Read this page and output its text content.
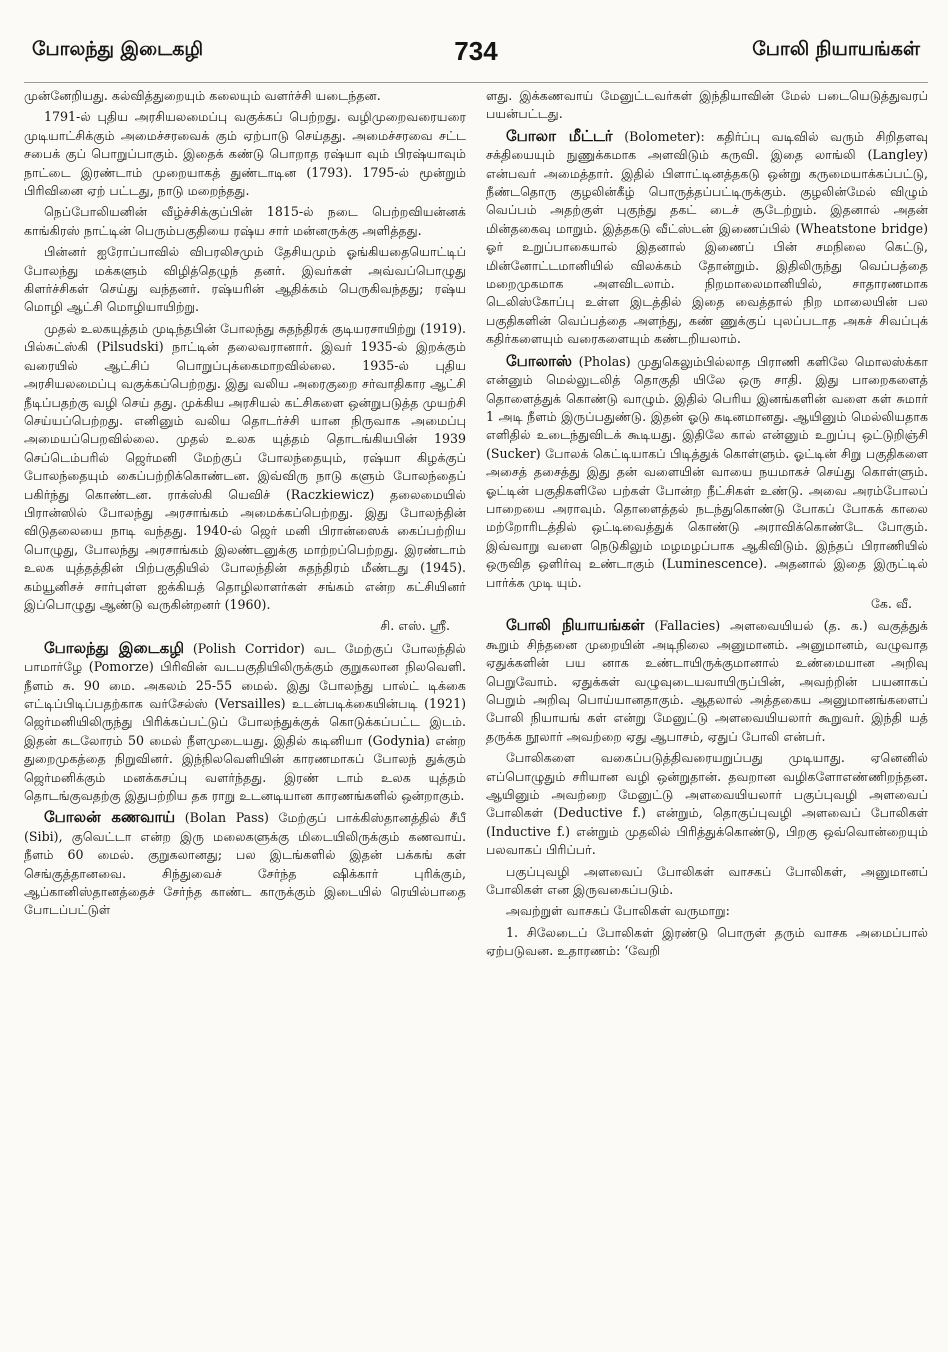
போலந்து இடைகழி	734	போலி நியாயங்கள்

முன்னேறியது. கல்வித்துறையும் கலையும் வளர்ச்சி யடைந்தன.

1791-ல் புதிய அரசியலமைப்பு வகுக்கப் பெற்றது. வழிமுறைவரையரை முடியாட்சிக்கும் அமைச்சரவைக் கும் ஏற்பாடு செய்தது. அமைச்சரவை சட்ட சபைக் குப் பொறுப்பாகும். இதைக் கண்டு பொறாத ரஷ்யா வும் பிரஷ்யாவும் நாட்டை இரண்டாம் முறையாகத் துண்டாடின (1793). 1795-ல் மூன்றும் பிரிவினை ஏற் பட்டது, நாடு மறைந்தது.

நெப்போலியனின் வீழ்ச்சிக்குப்பின் 1815-ல் நடை பெற்றவியன்னக் காங்கிரஸ் நாட்டின் பெரும்பகுதியை ரஷ்ய சார் மன்னருக்கு அளித்தது.

பின்னர் ஐரோப்பாவில் விபரலிசமும் தேசியமும் ஓங்கியதையொட்டிப் போலந்து மக்களும் விழித்தெழுந் தனர். இவர்கள் அவ்வப்பொழுது கிளர்ச்சிகள் செய்து வந்தனர். ரஷ்யரின் ஆதிக்கம் பெருகிவந்தது; ரஷ்ய மொழி ஆட்சி மொழியாயிற்று.

முதல் உலகயுத்தம் முடிந்தபின் போலந்து சுதந்திரக் குடியரசாயிற்று (1919). பில்சுட்ஸ்கி (Pilsudski) நாட்டின் தலைவரானார். இவர் 1935-ல் இறக்கும் வரையில் ஆட்சிப் பொறுப்புக்கைமாறவில்லை. 1935-ல் புதிய அரசியலமைப்பு வகுக்கப்பெற்றது. இது வலிய அரைகுறை சர்வாதிகார ஆட்சி நீடிப்பதற்கு வழி செய் தது. முக்கிய அரசியல் கட்சிகளை ஒன்றுபடுத்த முயற்சி செய்யப்பெற்றது. எனினும் வலிய தொடர்ச்சி யான நிருவாக அமைப்பு அமையப்பெறவில்லை. முதல் உலக யுத்தம் தொடங்கியபின் 1939 செப்டெம்பரில் ஜெர்மனி மேற்குப் போலந்தையும், ரஷ்யா கிழக்குப் போலந்தையும் கைப்பற்றிக்கொண்டன. இவ்விரு நாடு களும் போலந்தைப் பகிர்ந்து கொண்டன. ராக்ஸ்கி யெவிச் (Raczkiewicz) தலைமையில் பிரான்ஸில் போலந்து அரசாங்கம் அமைக்கப்பெற்றது. இது போலந்தின் விடுதலையை நாடி வந்தது. 1940-ல் ஜெர் மனி பிரான்ஸைக் கைப்பற்றிய பொழுது, போலந்து அரசாங்கம் இலண்டனுக்கு மாற்றப்பெற்றது. இரண்டாம் உலக யுத்தத்தின் பிற்பகுதியில் போலந்தின் சுதந்திரம் மீண்டது (1945). கம்யூனிசச் சார்புள்ள ஐக்கியத் தொழிலாளர்கள் சங்கம் என்ற கட்சியினர் இப்பொழுது ஆண்டு வருகின்றனர் (1960).

சி. எஸ். ஸ்ரீ.

போலந்து இடைகழி (Polish Corridor) வட மேற்குப் போலந்தில் பாமார்ழே (Pomorze) பிரிவின் வடபகுதியிலிருக்கும் குறுகலான நிலவெளி. நீளம் சு. 90 மை. அகலம் 25-55 மைல். இது போலந்து பால்ட் டிக்கை எட்டிப்பிடிப்பதற்காக வர்சேல்ஸ் (Versailles) உடன்படிக்கையின்படி (1921) ஜெர்மனியிலிருந்து பிரிக்கப்பட்டுப் போலந்துக்குக் கொடுக்கப்பட்ட இடம். இதன் கடலோரம் 50 மைல் நீளமுடையது. இதில் கடினியா (Godynia) என்ற துறைமுகத்தை நிறுவினர். இந்நிலவெளியின் காரணமாகப் போலந் துக்கும் ஜெர்மனிக்கும் மனக்கசப்பு வளர்ந்தது. இரண் டாம் உலக யுத்தம் தொடங்குவதற்கு இதுபற்றிய தக ராறு உடனடியான காரணங்களில் ஒன்றாகும்.

போலன் கணவாய் (Bolan Pass) மேற்குப் பாக்கிஸ்தானத்தில் சீபீ (Sibi), குவெட்டா என்ற இரு மலைகளுக்கு மிடையிலிருக்கும் கணவாய். நீளம் 60 மைல். குறுகலானது; பல இடங்களில் இதன் பக்கங் கள் செங்குத்தானவை. சிந்துவைச் சேர்ந்த ஷிக்கார் புரிக்கும், ஆப்கானிஸ்தானத்தைச் சேர்ந்த காண்ட காருக்கும் இடையில் ரெயில்பாதை போடப்பட்டுள்

ளது. இக்கணவாய் மேனுட்டவர்கள் இந்தியாவின் மேல் படையெடுத்துவரப் பயன்பட்டது.

போலா மீட்டர் (Bolometer): கதிர்ப்பு வடிவில் வரும் சிறிதளவு சக்தியையும் நுணுக்கமாக அளவிடும் கருவி. இதை லாங்லி (Langley) என்பவர் அமைத்தார். இதில் பிளாட்டினத்தகடு ஒன்று கருமையாக்கப்பட்டு, நீண்டதொரு குழலின்கீழ் பொருத்தப்பட்டிருக்கும். குழலின்மேல் விழும் வெப்பம் அதற்குள் புகுந்து தகட் டைச் சூடேற்றும். இதனால் அதன் மின்தகைவு மாறும். இத்தகடு வீட்ஸ்டன் இணைப்பில் (Wheatstone bridge) ஓர் உறுப்பாகையால் இதனால் இணைப் பின் சமநிலை கெட்டு, மின்னோட்டமானியில் விலக்கம் தோன்றும். இதிலிருந்து வெப்பத்தை மறைமுகமாக அளவிடலாம். நிறமாலைமானியில், சாதாரணமாக டெலிஸ்கோப்பு உள்ள இடத்தில் இதை வைத்தால் நிற மாலையின் பல பகுதிகளின் வெப்பத்தை அளந்து, கண் ணுக்குப் புலப்படாத அகச் சிவப்புக் கதிர்களையும் வரைகளையும் கண்டறியலாம்.

போலாஸ் (Pholas) முதுகெலும்பில்லாத பிராணி களிலே மொலஸ்க்கா என்னும் மெல்லுடலித் தொகுதி யிலே ஒரு சாதி. இது பாறைகளைத் தொளைத்துக் கொண்டு வாழும். இதில் பெரிய இனங்களின் வளை கள் சுமார் 1 அடி நீளம் இருப்பதுண்டு. இதன் ஓடு கடினமானது. ஆயினும் மெல்லியதாக எளிதில் உடைந்துவிடக் கூடியது. இதிலே கால் என்னும் உறுப்பு ஒட்டுறிஞ்சி (Sucker) போலக் கெட்டியாகப் பிடித்துக் கொள்ளும். ஓட்டின் சிறு பகுதிகளை அசைத் தசைத்து இது தன் வளையின் வாயை நயமாகச் செய்து கொள்ளும். ஓட்டின் பகுதிகளிலே பற்கள் போன்ற நீட்சிகள் உண்டு. அவை அரம்போலப் பாறையை அராவும். தொளைத்தல் நடந்துகொண்டு போகப் போகக் காலை மற்றோரிடத்தில் ஒட்டிவைத்துக் கொண்டு அராவிக்கொண்டே போகும். இவ்வாறு வளை நெடுகிலும் மழமழப்பாக ஆகிவிடும். இந்தப் பிராணியில் ஒருவித ஒளிர்வு உண்டாகும் (Luminescence). அதனால் இதை இருட்டில் பார்க்க முடி யும்.

கே. வீ.

போலி நியாயங்கள் (Fallacies) அளவையியல் (த. க.) வகுத்துக் கூறும் சிந்தனை முறையின் அடிநிலை அனுமானம். அனுமானம், வழுவாத ஏதுக்களின் பய னாக உண்டாயிருக்குமானால் உண்மையான அறிவு பெறுவோம். ஏதுக்கள் வழுவுடையவாயிருப்பின், அவற்றின் பயனாகப் பெறும் அறிவு பொய்யானதாகும். ஆதலால் அத்தகைய அனுமானங்களைப் போலி நியாயங் கள் என்று மேனுட்டு அளவையியலார் கூறுவர். இந்தி யத் தருக்க நூலார் அவற்றை ஏது ஆபாசம், ஏதுப் போலி என்பர்.

போலிகளை வகைப்படுத்திவரையறுப்பது முடியாது. ஏனெனில் எப்பொழுதும் சரியான வழி ஒன்றுதான். தவறான வழிகளோஎண்ணிறந்தன. ஆயினும் அவற்றை மேனுட்டு அளவையியலார் பகுப்புவழி அளவைப் போலிகள் (Deductive f.) என்றும், தொகுப்புவழி அளவைப் போலிகள் (Inductive f.) என்றும் முதலில் பிரித்துக்கொண்டு, பிறகு ஒவ்வொன்றையும் பலவாகப் பிரிப்பர்.

பகுப்புவழி அளவைப் போலிகள் வாசகப் போலிகள், அனுமானப் போலிகள் என இருவகைப்படும்.

அவற்றுள் வாசகப் போலிகள் வருமாறு:

1. சிலேடைப் போலிகள் இரண்டு பொருள் தரும் வாசக அமைப்பால் ஏற்படுவன. உதாரணம்: ‘வேறி
